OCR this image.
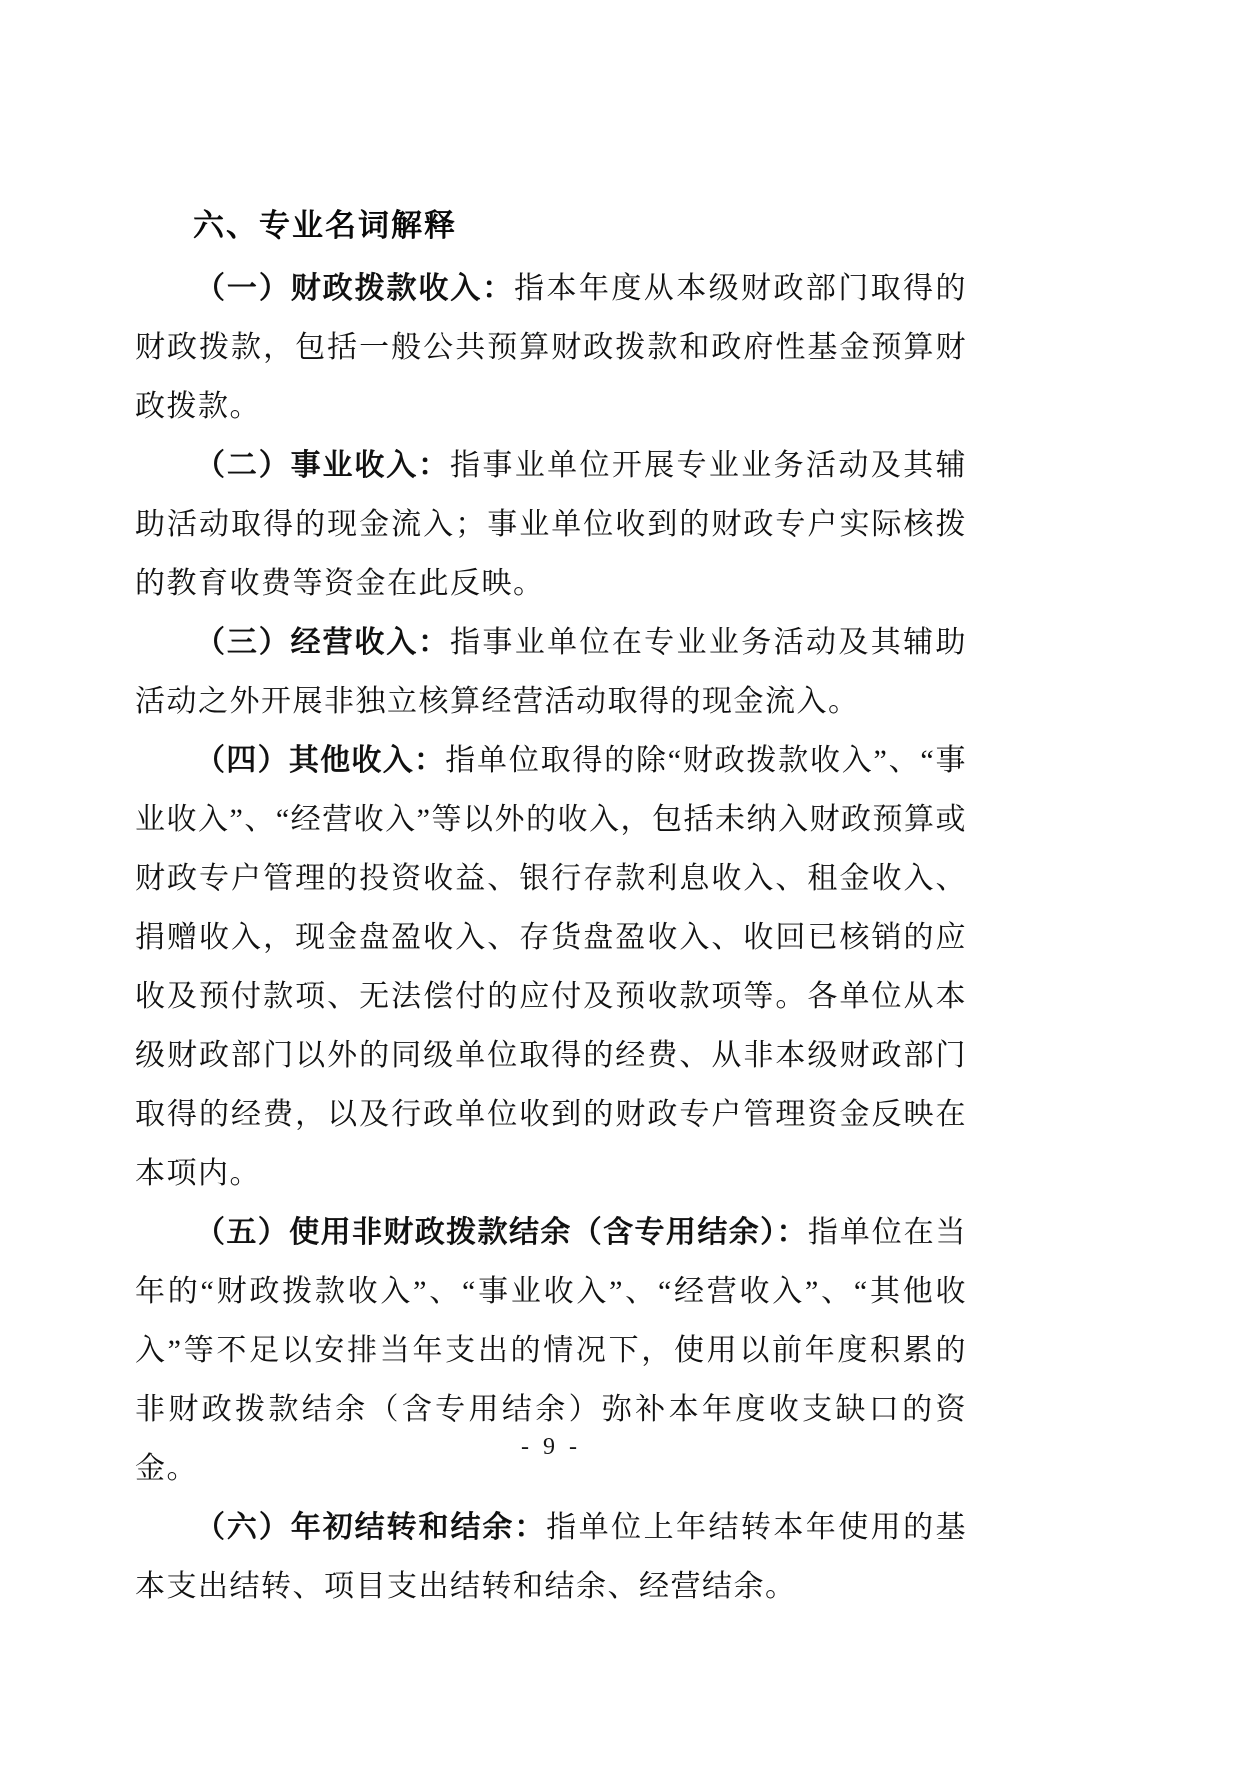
六、专业名词解释

（一）财政拨款收入：指本年度从本级财政部门取得的财政拨款，包括一般公共预算财政拨款和政府性基金预算财政拨款。

（二）事业收入：指事业单位开展专业业务活动及其辅助活动取得的现金流入；事业单位收到的财政专户实际核拨的教育收费等资金在此反映。

（三）经营收入：指事业单位在专业业务活动及其辅助活动之外开展非独立核算经营活动取得的现金流入。

（四）其他收入：指单位取得的除“财政拨款收入”、“事业收入”、“经营收入”等以外的收入，包括未纳入财政预算或财政专户管理的投资收益、银行存款利息收入、租金收入、捐赠收入，现金盘盈收入、存货盘盈收入、收回已核销的应收及预付款项、无法偿付的应付及预收款项等。各单位从本级财政部门以外的同级单位取得的经费、从非本级财政部门取得的经费，以及行政单位收到的财政专户管理资金反映在本项内。

（五）使用非财政拨款结余（含专用结余）：指单位在当年的“财政拨款收入”、“事业收入”、“经营收入”、“其他收入”等不足以安排当年支出的情况下，使用以前年度积累的非财政拨款结余（含专用结余）弥补本年度收支缺口的资金。

（六）年初结转和结余：指单位上年结转本年使用的基本支出结转、项目支出结转和结余、经营结余。

- 9 -
